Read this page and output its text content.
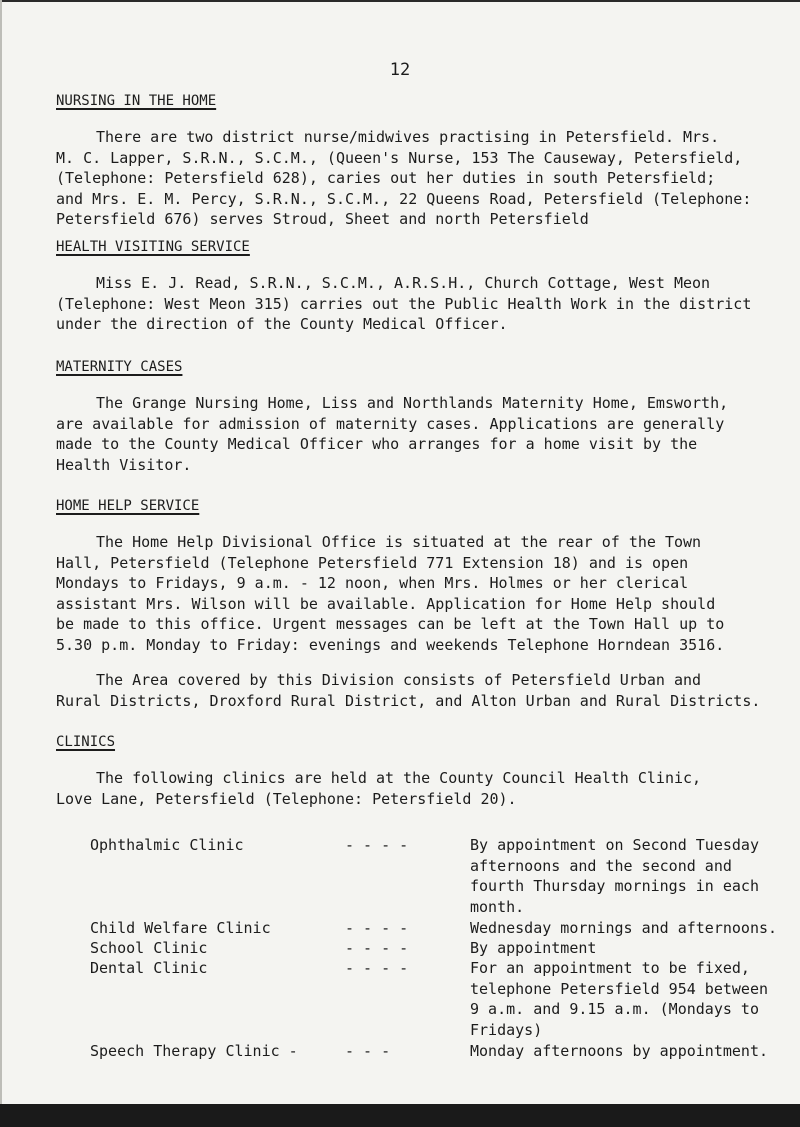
12
NURSING IN THE HOME
There are two district nurse/midwives practising in Petersfield. Mrs.
M. C. Lapper, S.R.N., S.C.M., (Queen's Nurse, 153 The Causeway, Petersfield,
(Telephone: Petersfield 628), caries out her duties in south Petersfield;
and Mrs. E. M. Percy, S.R.N., S.C.M., 22 Queens Road, Petersfield (Telephone:
Petersfield 676) serves Stroud, Sheet and north Petersfield
HEALTH VISITING SERVICE
Miss E. J. Read, S.R.N., S.C.M., A.R.S.H., Church Cottage, West Meon
(Telephone: West Meon 315) carries out the Public Health Work in the district
under the direction of the County Medical Officer.
MATERNITY CASES
The Grange Nursing Home, Liss and Northlands Maternity Home, Emsworth,
are available for admission of maternity cases. Applications are generally
made to the County Medical Officer who arranges for a home visit by the
Health Visitor.
HOME HELP SERVICE
The Home Help Divisional Office is situated at the rear of the Town
Hall, Petersfield (Telephone Petersfield 771 Extension 18) and is open
Mondays to Fridays, 9 a.m. - 12 noon, when Mrs. Holmes or her clerical
assistant Mrs. Wilson will be available. Application for Home Help should
be made to this office. Urgent messages can be left at the Town Hall up to
5.30 p.m. Monday to Friday: evenings and weekends Telephone Horndean 3516.
The Area covered by this Division consists of Petersfield Urban and
Rural Districts, Droxford Rural District, and Alton Urban and Rural Districts.
CLINICS
The following clinics are held at the County Council Health Clinic,
Love Lane, Petersfield (Telephone: Petersfield 20).
Ophthalmic Clinic	- - - -	By appointment on Second Tuesday
afternoons and the second and
fourth Thursday mornings in each
month.
Child Welfare Clinic	- - - -	Wednesday mornings and afternoons.
School Clinic	- - - -	By appointment
Dental Clinic	- - - -	For an appointment to be fixed,
telephone Petersfield 954 between
9 a.m. and 9.15 a.m. (Mondays to
Fridays)
Speech Therapy Clinic -	- - -	Monday afternoons by appointment.
